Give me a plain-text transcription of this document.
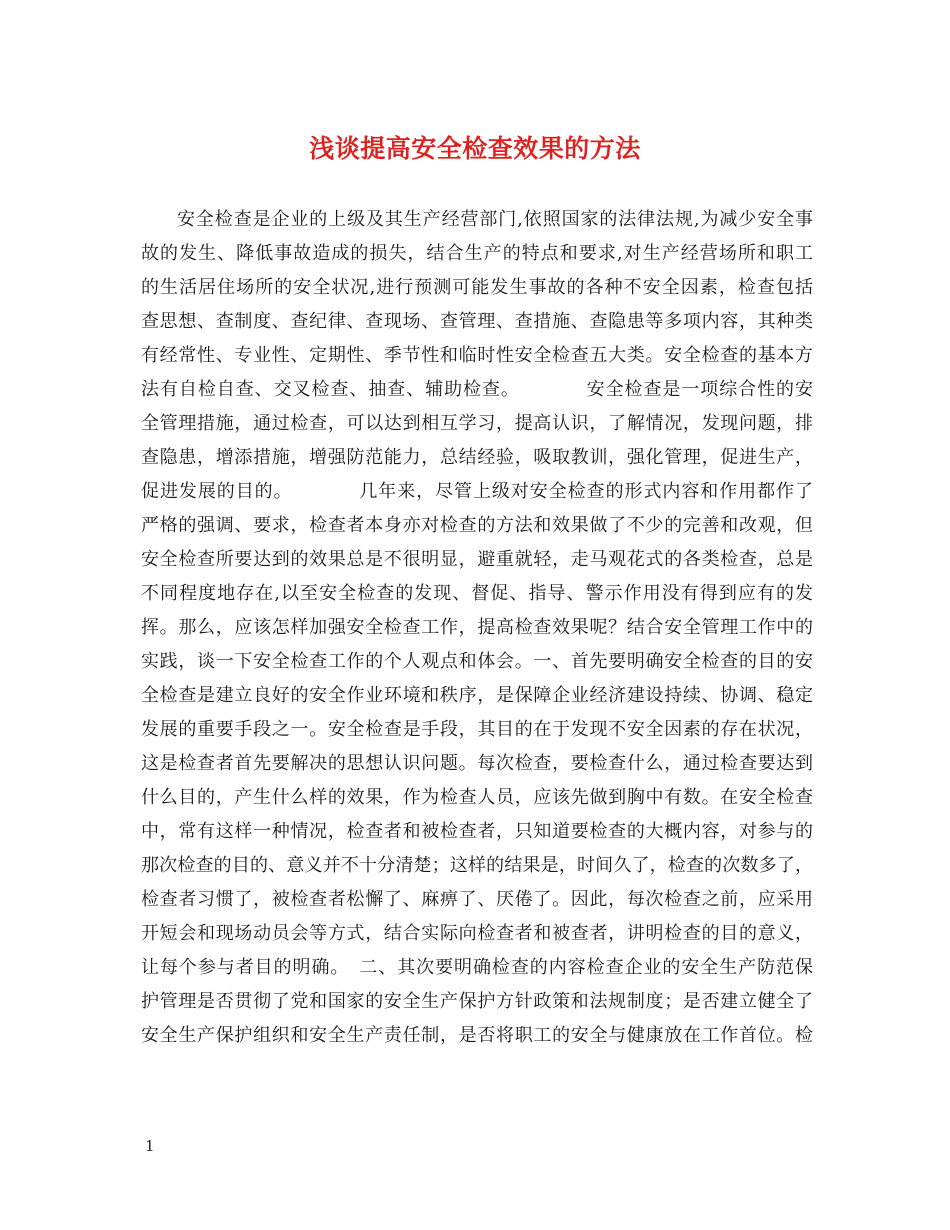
浅谈提高安全检查效果的方法
安全检查是企业的上级及其生产经营部门,依照国家的法律法规,为减少安全事
故的发生、降低事故造成的损失，结合生产的特点和要求,对生产经营场所和职工
的生活居住场所的安全状况,进行预测可能发生事故的各种不安全因素，检查包括
查思想、查制度、查纪律、查现场、查管理、查措施、查隐患等多项内容，其种类
有经常性、专业性、定期性、季节性和临时性安全检查五大类。安全检查的基本方
法有自检自查、交叉检查、抽查、辅助检查。　　　　安全检查是一项综合性的安
全管理措施，通过检查，可以达到相互学习，提高认识，了解情况，发现问题，排
查隐患，增添措施，增强防范能力，总结经验，吸取教训，强化管理，促进生产，
促进发展的目的。　　　　几年来，尽管上级对安全检查的形式内容和作用都作了
严格的强调、要求，检查者本身亦对检查的方法和效果做了不少的完善和改观，但
安全检查所要达到的效果总是不很明显，避重就轻，走马观花式的各类检查，总是
不同程度地存在,以至安全检查的发现、督促、指导、警示作用没有得到应有的发
挥。那么，应该怎样加强安全检查工作，提高检查效果呢？结合安全管理工作中的
实践，谈一下安全检查工作的个人观点和体会。一、首先要明确安全检查的目的安
全检查是建立良好的安全作业环境和秩序，是保障企业经济建设持续、协调、稳定
发展的重要手段之一。安全检查是手段，其目的在于发现不安全因素的存在状况，
这是检查者首先要解决的思想认识问题。每次检查，要检查什么，通过检查要达到
什么目的，产生什么样的效果，作为检查人员，应该先做到胸中有数。在安全检查
中，常有这样一种情况，检查者和被检查者，只知道要检查的大概内容，对参与的
那次检查的目的、意义并不十分清楚；这样的结果是，时间久了，检查的次数多了，
检查者习惯了，被检查者松懈了、麻痹了、厌倦了。因此，每次检查之前，应采用
开短会和现场动员会等方式，结合实际向检查者和被查者，讲明检查的目的意义，
让每个参与者目的明确。　二、其次要明确检查的内容检查企业的安全生产防范保
护管理是否贯彻了党和国家的安全生产保护方针政策和法规制度；是否建立健全了
安全生产保护组织和安全生产责任制，是否将职工的安全与健康放在工作首位。检
1
